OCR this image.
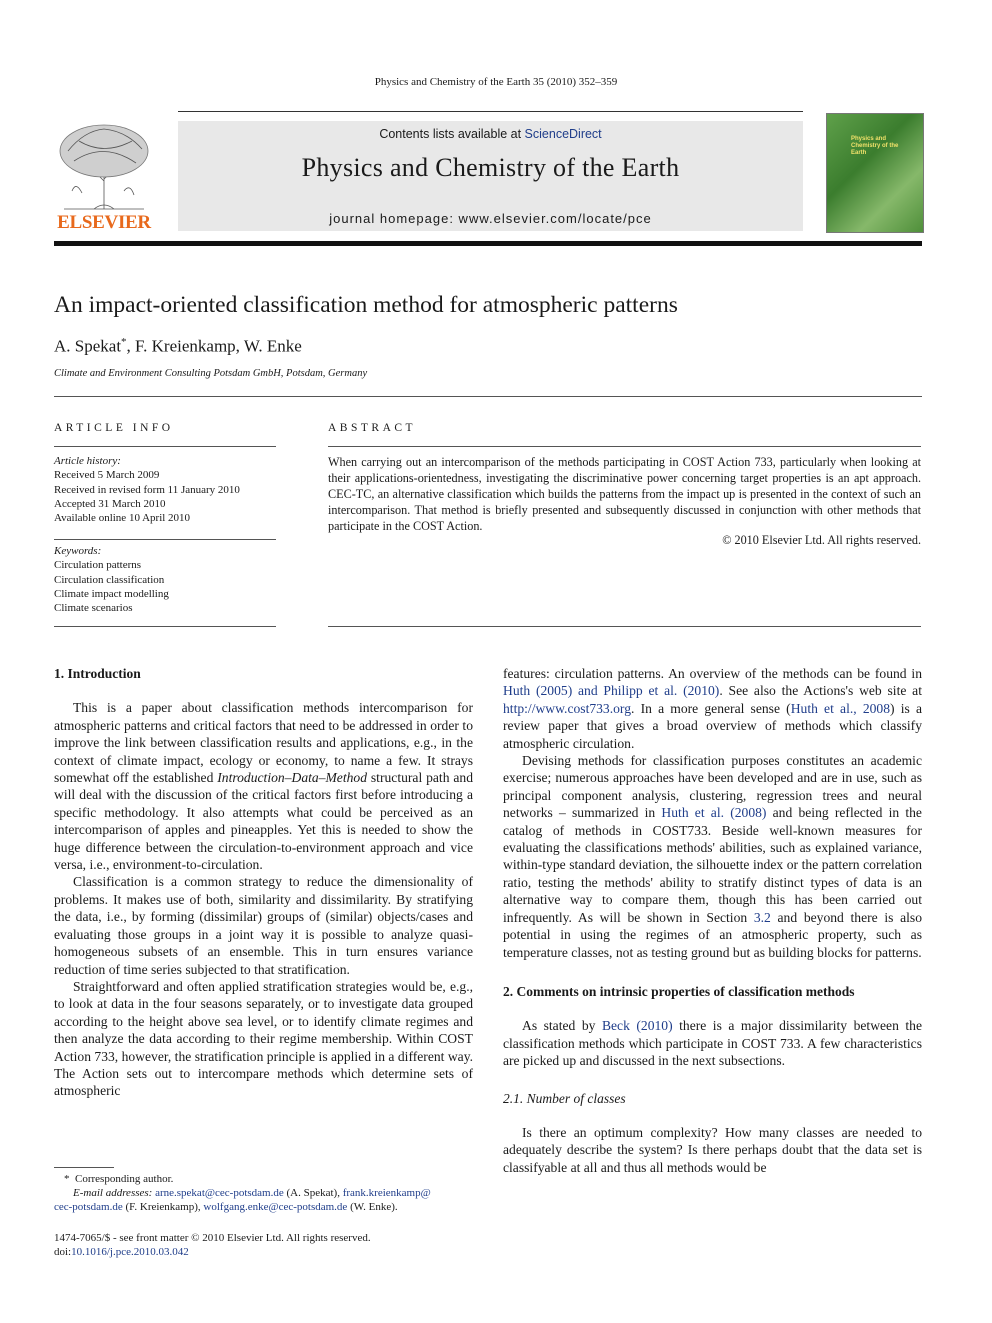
Physics and Chemistry of the Earth 35 (2010) 352–359
ELSEVIER
Contents lists available at ScienceDirect
Physics and Chemistry of the Earth
journal homepage: www.elsevier.com/locate/pce
Physics and Chemistry of the Earth
An impact-oriented classification method for atmospheric patterns
A. Spekat*, F. Kreienkamp, W. Enke
Climate and Environment Consulting Potsdam GmbH, Potsdam, Germany
ARTICLE INFO
Article history:
Received 5 March 2009
Received in revised form 11 January 2010
Accepted 31 March 2010
Available online 10 April 2010
Keywords:
Circulation patterns
Circulation classification
Climate impact modelling
Climate scenarios
ABSTRACT
When carrying out an intercomparison of the methods participating in COST Action 733, particularly when looking at their applications-orientedness, investigating the discriminative power concerning target properties is an apt approach. CEC-TC, an alternative classification which builds the patterns from the impact up is presented in the context of such an intercomparison. That method is briefly presented and subsequently discussed in conjunction with other methods that participate in the COST Action.
© 2010 Elsevier Ltd. All rights reserved.
1. Introduction

This is a paper about classification methods intercomparison for atmospheric patterns and critical factors that need to be addressed in order to improve the link between classification results and applications, e.g., in the context of climate impact, ecology or economy, to name a few. It strays somewhat off the established Introduction–Data–Method structural path and will deal with the discussion of the critical factors first before introducing a specific methodology. It also attempts what could be perceived as an intercomparison of apples and pineapples. Yet this is needed to show the huge difference between the circulation-to-environment approach and vice versa, i.e., environment-to-circulation.

Classification is a common strategy to reduce the dimensionality of problems. It makes use of both, similarity and dissimilarity. By stratifying the data, i.e., by forming (dissimilar) groups of (similar) objects/cases and evaluating those groups in a joint way it is possible to analyze quasi-homogeneous subsets of an ensemble. This in turn ensures variance reduction of time series subjected to that stratification.

Straightforward and often applied stratification strategies would be, e.g., to look at data in the four seasons separately, or to investigate data grouped according to the height above sea level, or to identify climate regimes and then analyze the data according to their regime membership. Within COST Action 733, however, the stratification principle is applied in a different way. The Action sets out to intercompare methods which determine sets of atmospheric

features: circulation patterns. An overview of the methods can be found in Huth (2005) and Philipp et al. (2010). See also the Actions's web site at http://www.cost733.org. In a more general sense (Huth et al., 2008) is a review paper that gives a broad overview of methods which classify atmospheric circulation.

Devising methods for classification purposes constitutes an academic exercise; numerous approaches have been developed and are in use, such as principal component analysis, clustering, regression trees and neural networks – summarized in Huth et al. (2008) and being reflected in the catalog of methods in COST733. Beside well-known measures for evaluating the classifications methods' abilities, such as explained variance, within-type standard deviation, the silhouette index or the pattern correlation ratio, testing the methods' ability to stratify distinct types of data is an alternative way to compare them, though this has been carried out infrequently. As will be shown in Section 3.2 and beyond there is also potential in using the regimes of an atmospheric property, such as temperature classes, not as testing ground but as building blocks for patterns.

2. Comments on intrinsic properties of classification methods

As stated by Beck (2010) there is a major dissimilarity between the classification methods which participate in COST 733. A few characteristics are picked up and discussed in the next subsections.

2.1. Number of classes

Is there an optimum complexity? How many classes are needed to adequately describe the system? Is there perhaps doubt that the data set is classifyable at all and thus all methods would be

* Corresponding author.
E-mail addresses: arne.spekat@cec-potsdam.de (A. Spekat), frank.kreienkamp@
cec-potsdam.de (F. Kreienkamp), wolfgang.enke@cec-potsdam.de (W. Enke).
1474-7065/$ - see front matter © 2010 Elsevier Ltd. All rights reserved.
doi:10.1016/j.pce.2010.03.042
